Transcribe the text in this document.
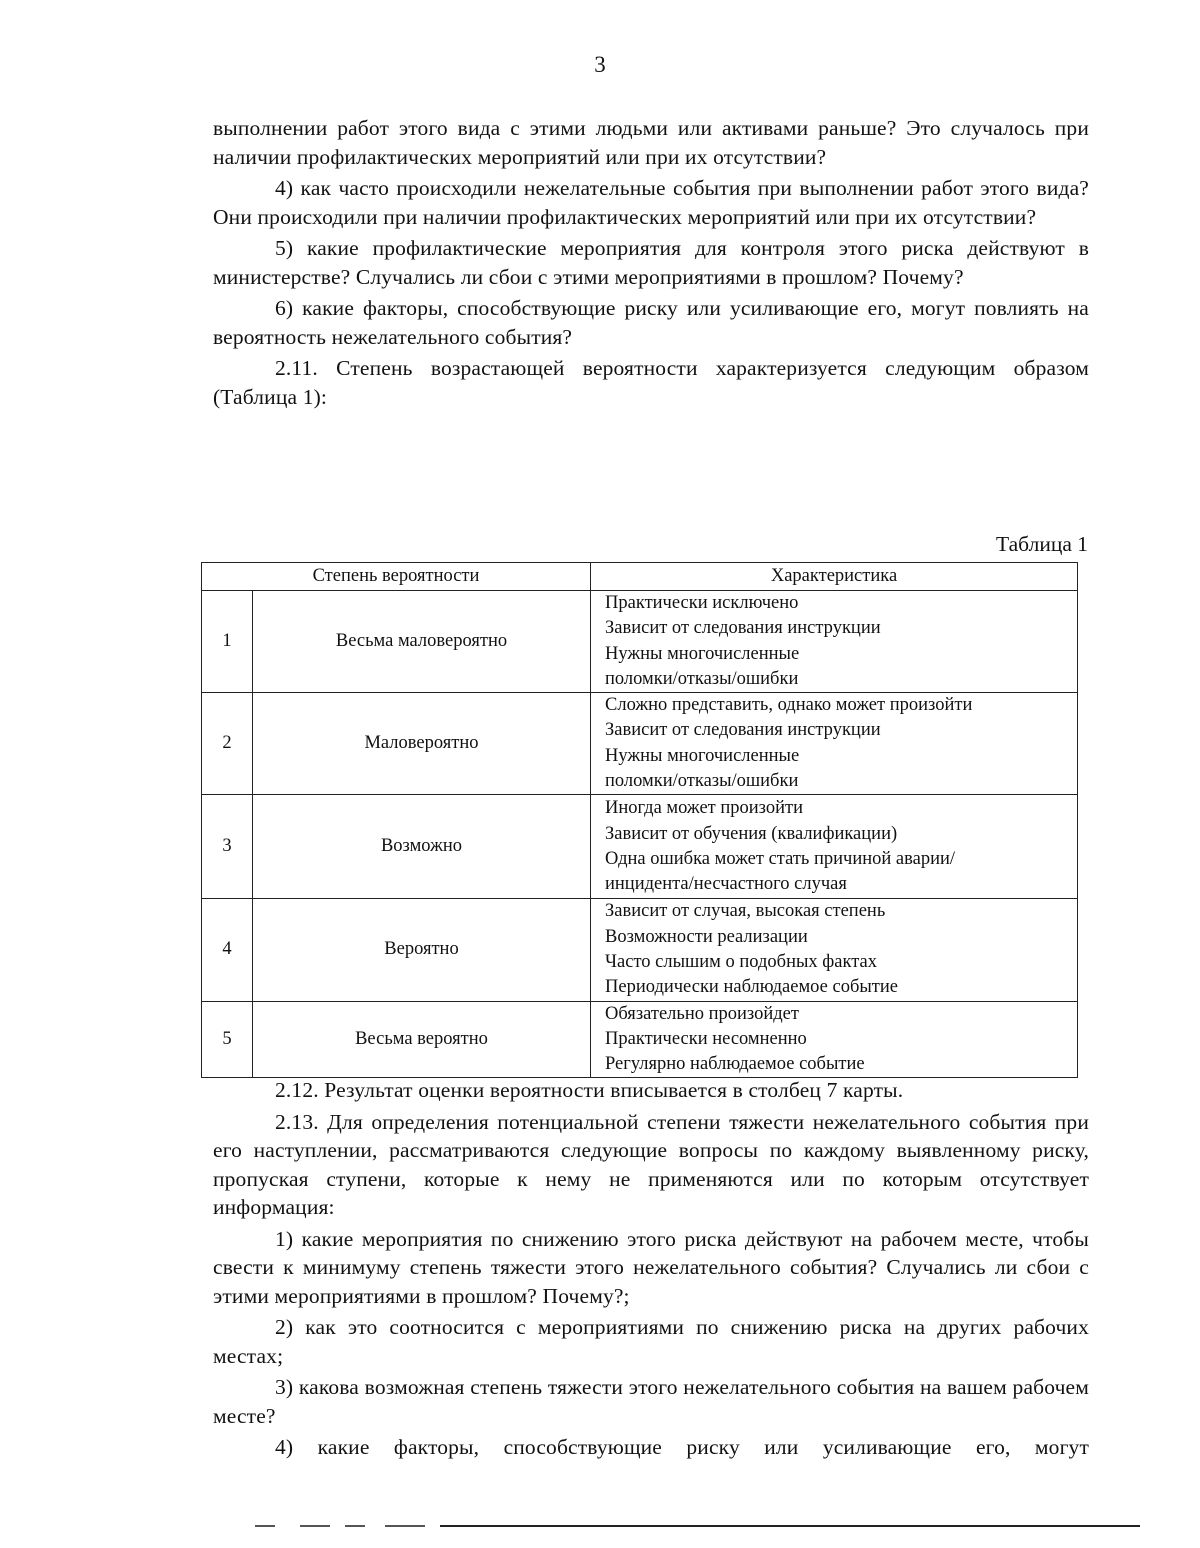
3

выполнении работ этого вида с этими людьми или активами раньше? Это случалось при наличии профилактических мероприятий или при их отсутствии?

4) как часто происходили нежелательные события при выполнении работ этого вида? Они происходили при наличии профилактических мероприятий или при их отсутствии?

5) какие профилактические мероприятия для контроля этого риска действуют в министерстве? Случались ли сбои с этими мероприятиями в прошлом? Почему?

6) какие факторы, способствующие риску или усиливающие его, могут повлиять на вероятность нежелательного события?

2.11. Степень возрастающей вероятности характеризуется следующим образом (Таблица 1):

Таблица 1
Степень вероятности		Характеристика
1	Весьма маловероятно	Практически исключено
Зависит от следования инструкции
Нужны многочисленные
поломки/отказы/ошибки

2	Маловероятно	Сложно представить, однако может произойти
Зависит от следования инструкции
Нужны многочисленные
поломки/отказы/ошибки

3	Возможно	Иногда может произойти
Зависит от обучения (квалификации)
Одна ошибка может стать причиной аварии/
инцидента/несчастного случая

4	Вероятно	Зависит от случая, высокая степень
Возможности реализации
Часто слышим о подобных фактах
Периодически наблюдаемое событие

5	Весьма вероятно	Обязательно произойдет
Практически несомненно
Регулярно наблюдаемое событие

2.12. Результат оценки вероятности вписывается в столбец 7 карты.

2.13. Для определения потенциальной степени тяжести нежелательного события при его наступлении, рассматриваются следующие вопросы по каждому выявленному риску, пропуская ступени, которые к нему не применяются или по которым отсутствует информация:

1) какие мероприятия по снижению этого риска действуют на рабочем месте, чтобы свести к минимуму степень тяжести этого нежелательного события? Случались ли сбои с этими мероприятиями в прошлом? Почему?;

2) как это соотносится с мероприятиями по снижению риска на других рабочих местах;

3) какова возможная степень тяжести этого нежелательного события на вашем рабочем месте?

4) какие факторы, способствующие риску или усиливающие его, могут
